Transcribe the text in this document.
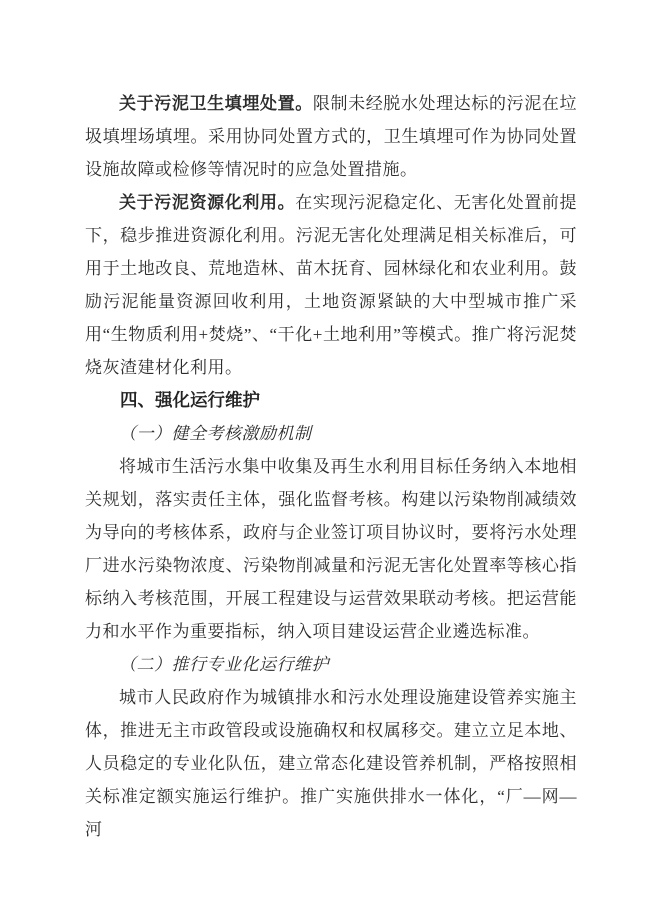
关于污泥卫生填埋处置。限制未经脱水处理达标的污泥在垃圾填埋场填埋。采用协同处置方式的，卫生填埋可作为协同处置设施故障或检修等情况时的应急处置措施。

关于污泥资源化利用。在实现污泥稳定化、无害化处置前提下，稳步推进资源化利用。污泥无害化处理满足相关标准后，可用于土地改良、荒地造林、苗木抚育、园林绿化和农业利用。鼓励污泥能量资源回收利用，土地资源紧缺的大中型城市推广采用“生物质利用+焚烧”、“干化+土地利用”等模式。推广将污泥焚烧灰渣建材化利用。

四、强化运行维护
（一）健全考核激励机制

将城市生活污水集中收集及再生水利用目标任务纳入本地相关规划，落实责任主体，强化监督考核。构建以污染物削减绩效为导向的考核体系，政府与企业签订项目协议时，要将污水处理厂进水污染物浓度、污染物削减量和污泥无害化处置率等核心指标纳入考核范围，开展工程建设与运营效果联动考核。把运营能力和水平作为重要指标，纳入项目建设运营企业遴选标准。

（二）推行专业化运行维护

城市人民政府作为城镇排水和污水处理设施建设管养实施主体，推进无主市政管段或设施确权和权属移交。建立立足本地、人员稳定的专业化队伍，建立常态化建设管养机制，严格按照相关标准定额实施运行维护。推广实施供排水一体化，“厂—网—河
